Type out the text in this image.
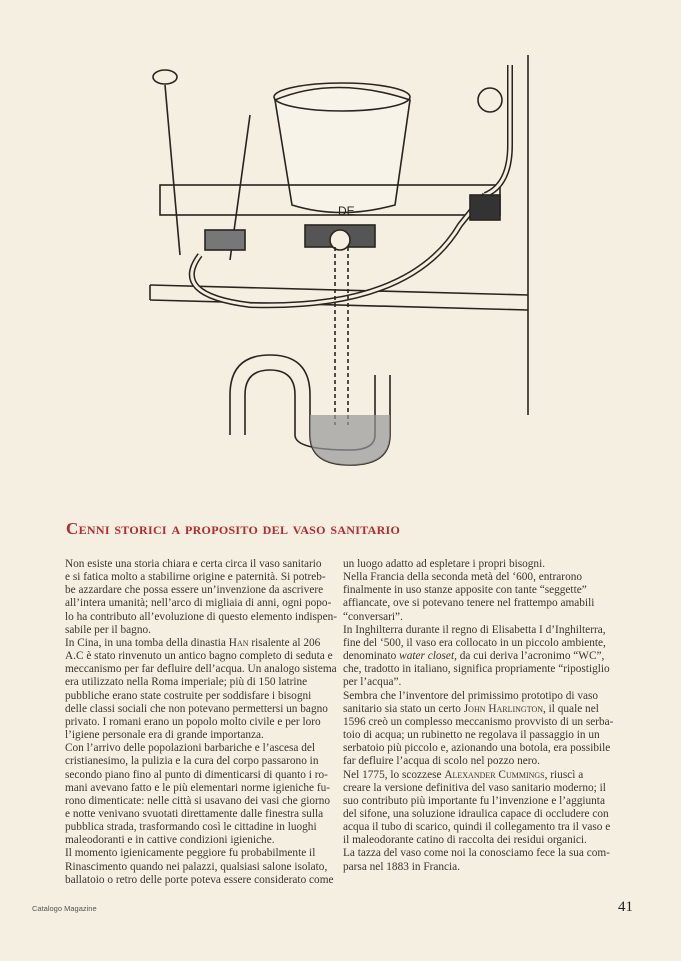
DE
Cenni storici a proposito del vaso sanitario
Non esiste una storia chiara e certa circa il vaso sanitario
e si fatica molto a stabilirne origine e paternità. Si potreb-
be azzardare che possa essere un’invenzione da ascrivere
all’intera umanità; nell’arco di migliaia di anni, ogni popo-
lo ha contributo all’evoluzione di questo elemento indispen-
sabile per il bagno.
In Cina, in una tomba della dinastia Han risalente al 206
A.C è stato rinvenuto un antico bagno completo di seduta e
meccanismo per far defluire dell’acqua. Un analogo sistema
era utilizzato nella Roma imperiale; più di 150 latrine
pubbliche erano state costruite per soddisfare i bisogni
delle classi sociali che non potevano permettersi un bagno
privato. I romani erano un popolo molto civile e per loro
l’igiene personale era di grande importanza.
Con l’arrivo delle popolazioni barbariche e l’ascesa del
cristianesimo, la pulizia e la cura del corpo passarono in
secondo piano fino al punto di dimenticarsi di quanto i ro-
mani avevano fatto e le più elementari norme igieniche fu-
rono dimenticate: nelle città si usavano dei vasi che giorno
e notte venivano svuotati direttamente dalle finestra sulla
pubblica strada, trasformando così le cittadine in luoghi
maleodoranti e in cattive condizioni igieniche.
Il momento igienicamente peggiore fu probabilmente il
Rinascimento quando nei palazzi, qualsiasi salone isolato,
ballatoio o retro delle porte poteva essere considerato come
un luogo adatto ad espletare i propri bisogni.
Nella Francia della seconda metà del ‘600, entrarono
finalmente in uso stanze apposite con tante “seggette”
affiancate, ove si potevano tenere nel frattempo amabili
“conversari”.
In Inghilterra durante il regno di Elisabetta I d’Inghilterra,
fine del ‘500, il vaso era collocato in un piccolo ambiente,
denominato water closet, da cui deriva l’acronimo “WC”,
che, tradotto in italiano, significa propriamente “ripostiglio
per l’acqua”.
Sembra che l’inventore del primissimo prototipo di vaso
sanitario sia stato un certo John Harlington, il quale nel
1596 creò un complesso meccanismo provvisto di un serba-
toio di acqua; un rubinetto ne regolava il passaggio in un
serbatoio più piccolo e, azionando una botola, era possibile
far defluire l’acqua di scolo nel pozzo nero.
Nel 1775, lo scozzese Alexander Cummings, riuscì a
creare la versione definitiva del vaso sanitario moderno; il
suo contributo più importante fu l’invenzione e l’aggiunta
del sifone, una soluzione idraulica capace di occludere con
acqua il tubo di scarico, quindi il collegamento tra il vaso e
il maleodorante catino di raccolta dei residui organici.
La tazza del vaso come noi la conosciamo fece la sua com-
parsa nel 1883 in Francia.
Catalogo Magazine	41
